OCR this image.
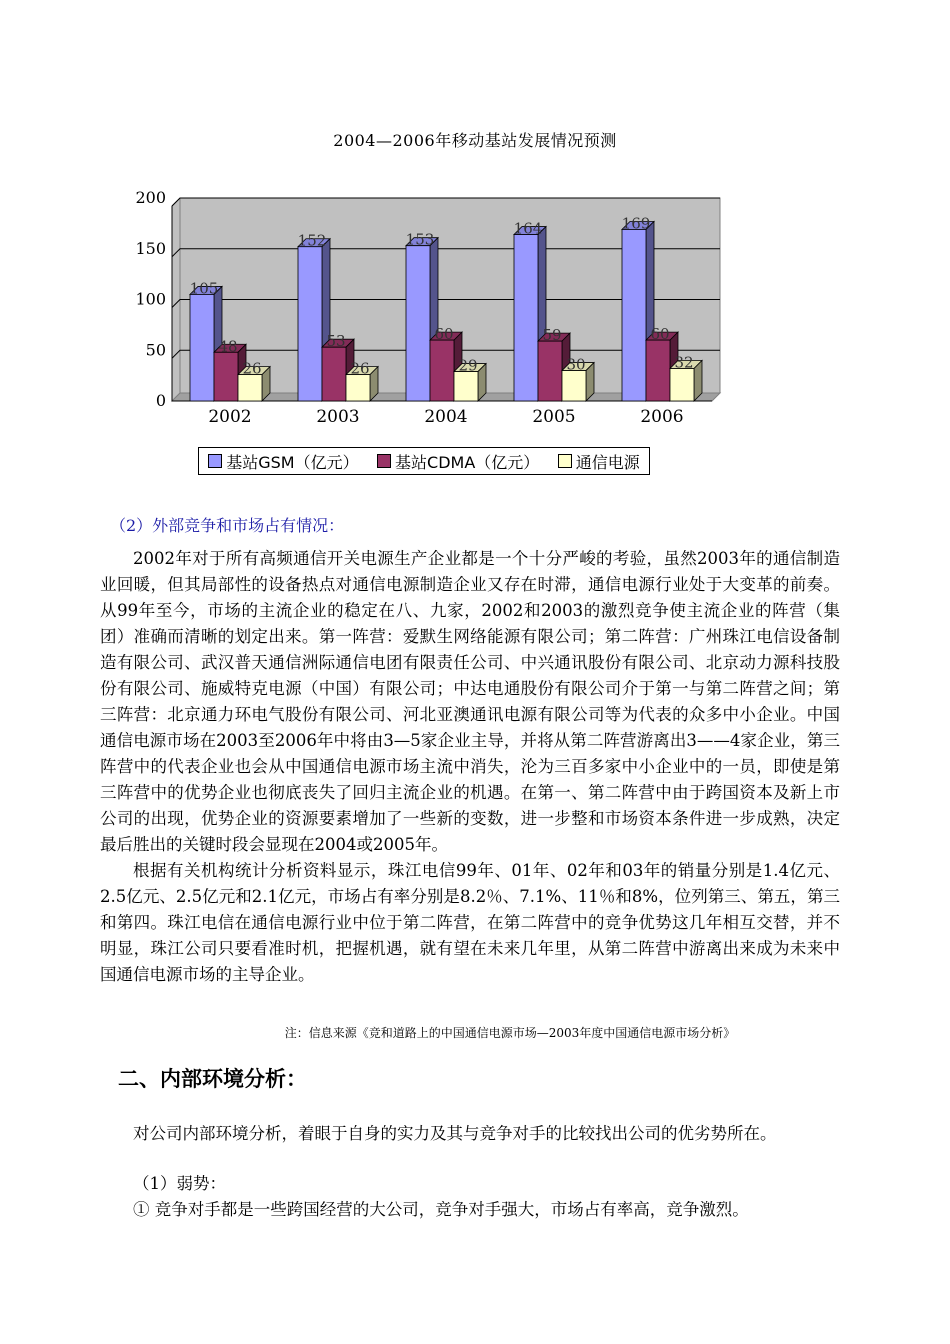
2004—2006年移动基站发展情况预测
0
50
100
150
200
105
48
26
2002
152
53
26
2003
153
60
29
2004
164
59
30
2005
169
60
32
2006
基站GSM（亿元） 基站CDMA（亿元） 通信电源
（2）外部竞争和市场占有情况：

2002年对于所有高频通信开关电源生产企业都是一个十分严峻的考验，虽然2003年的通信制造业回暖，但其局部性的设备热点对通信电源制造企业又存在时滞，通信电源行业处于大变革的前奏。从99年至今，市场的主流企业的稳定在八、九家，2002和2003的激烈竞争使主流企业的阵营（集团）准确而清晰的划定出来。第一阵营：爱默生网络能源有限公司；第二阵营：广州珠江电信设备制造有限公司、武汉普天通信洲际通信电团有限责任公司、中兴通讯股份有限公司、北京动力源科技股份有限公司、施威特克电源（中国）有限公司；中达电通股份有限公司介于第一与第二阵营之间；第三阵营：北京通力环电气股份有限公司、河北亚澳通讯电源有限公司等为代表的众多中小企业。中国通信电源市场在2003至2006年中将由3—5家企业主导，并将从第二阵营游离出3——4家企业，第三阵营中的代表企业也会从中国通信电源市场主流中消失，沦为三百多家中小企业中的一员，即使是第三阵营中的优势企业也彻底丧失了回归主流企业的机遇。在第一、第二阵营中由于跨国资本及新上市公司的出现，优势企业的资源要素增加了一些新的变数，进一步整和市场资本条件进一步成熟，决定最后胜出的关键时段会显现在2004或2005年。

根据有关机构统计分析资料显示，珠江电信99年、01年、02年和03年的销量分别是1.4亿元、2.5亿元、2.5亿元和2.1亿元，市场占有率分别是8.2％、7.1%、11％和8%，位列第三、第五，第三和第四。珠江电信在通信电源行业中位于第二阵营，在第二阵营中的竞争优势这几年相互交替，并不明显，珠江公司只要看准时机，把握机遇，就有望在未来几年里，从第二阵营中游离出来成为未来中国通信电源市场的主导企业。

注：信息来源《竞和道路上的中国通信电源市场—2003年度中国通信电源市场分析》
二、内部环境分析：
对公司内部环境分析，着眼于自身的实力及其与竞争对手的比较找出公司的优劣势所在。
（1）弱势：
① 竞争对手都是一些跨国经营的大公司，竞争对手强大，市场占有率高，竞争激烈。
